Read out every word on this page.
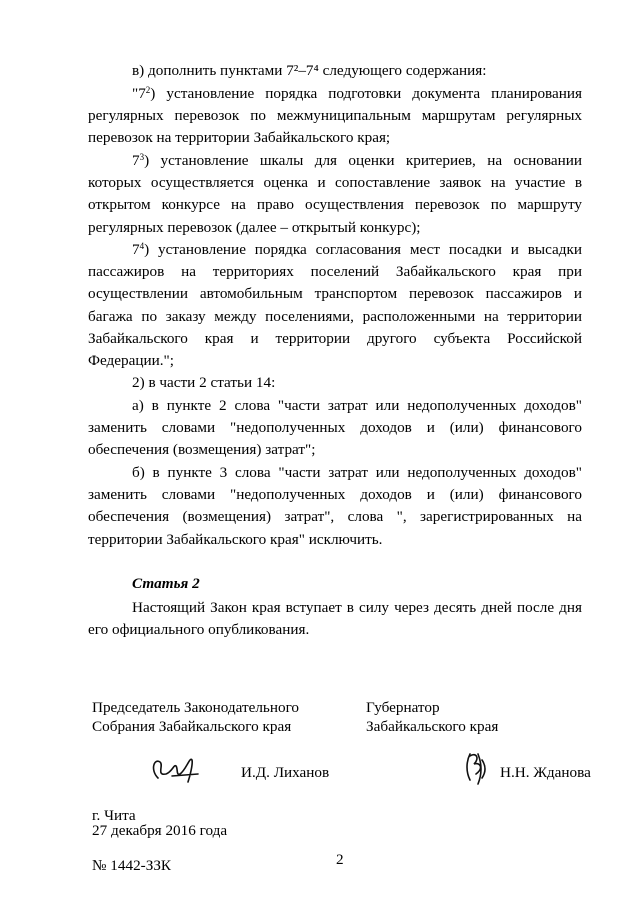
в) дополнить пунктами 7²–7⁴ следующего содержания:

"$7^2$) установление порядка подготовки документа планирования регулярных перевозок по межмуниципальным маршрутам регулярных перевозок на территории Забайкальского края;

$7^3$) установление шкалы для оценки критериев, на основании которых осуществляется оценка и сопоставление заявок на участие в открытом конкурсе на право осуществления перевозок по маршруту регулярных перевозок (далее – открытый конкурс);

$7^4$) установление порядка согласования мест посадки и высадки пассажиров на территориях поселений Забайкальского края при осуществлении автомобильным транспортом перевозок пассажиров и багажа по заказу между поселениями, расположенными на территории Забайкальского края и территории другого субъекта Российской Федерации.";

2) в части 2 статьи 14:

а) в пункте 2 слова "части затрат или недополученных доходов" заменить словами "недополученных доходов и (или) финансового обеспечения (возмещения) затрат";

б) в пункте 3 слова "части затрат или недополученных доходов" заменить словами "недополученных доходов и (или) финансового обеспечения (возмещения) затрат", слова ", зарегистрированных на территории Забайкальского края" исключить.

Статья 2

Настоящий Закон края вступает в силу через десять дней после дня его официального опубликования.

Председатель Законодательного
Собрания Забайкальского края
Губернатор
Забайкальского края
И.Д. Лиханов	Н.Н. Жданова
г. Чита
27 декабря 2016 года
№ 1442-ЗЗК	2
